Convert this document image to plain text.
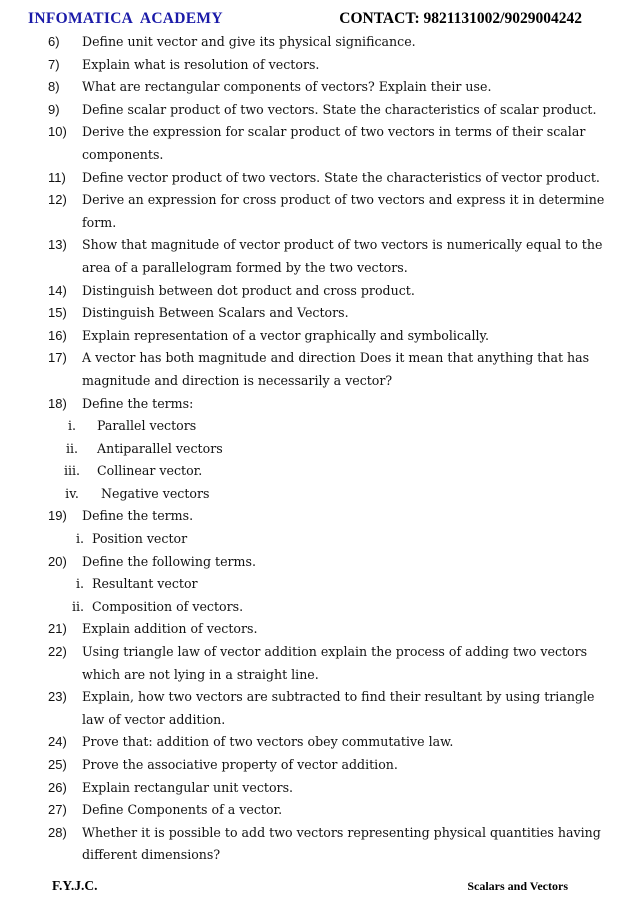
INFOMATICA  ACADEMY	CONTACT: 9821131002/9029004242
6)	Define unit vector and give its physical significance.
7)	Explain what is resolution of vectors.
8)	What are rectangular components of vectors? Explain their use.
9)	Define scalar product of two vectors. State the characteristics of scalar product.
10)	Derive the expression for scalar product of two vectors in terms of their scalar
components.
11)	Define vector product of two vectors. State the characteristics of vector product.
12)	Derive an expression for cross product of two vectors and express it in determine
form.
13)	Show that magnitude of vector product of two vectors is numerically equal to the
area of a parallelogram formed by the two vectors.
14)	Distinguish between dot product and cross product.
15)	Distinguish Between Scalars and Vectors.
16)	Explain representation of a vector graphically and symbolically.
17)	A vector has both magnitude and direction Does it mean that anything that has
magnitude and direction is necessarily a vector?
18)	Define the terms:
i.	Parallel vectors
ii.	Antiparallel vectors
iii.	Collinear vector.
iv.	Negative vectors
19)	Define the terms.
i. Position vector
20)	Define the following terms.
i. Resultant vector
ii. Composition of vectors.
21)	Explain addition of vectors.
22)	Using triangle law of vector addition explain the process of adding two vectors
which are not lying in a straight line.
23)	Explain, how two vectors are subtracted to find their resultant by using triangle
law of vector addition.
24)	Prove that: addition of two vectors obey commutative law.
25)	Prove the associative property of vector addition.
26)	Explain rectangular unit vectors.
27)	Define Components of a vector.
28)	Whether it is possible to add two vectors representing physical quantities having
different dimensions?
F.Y.J.C.	Scalars and Vectors
